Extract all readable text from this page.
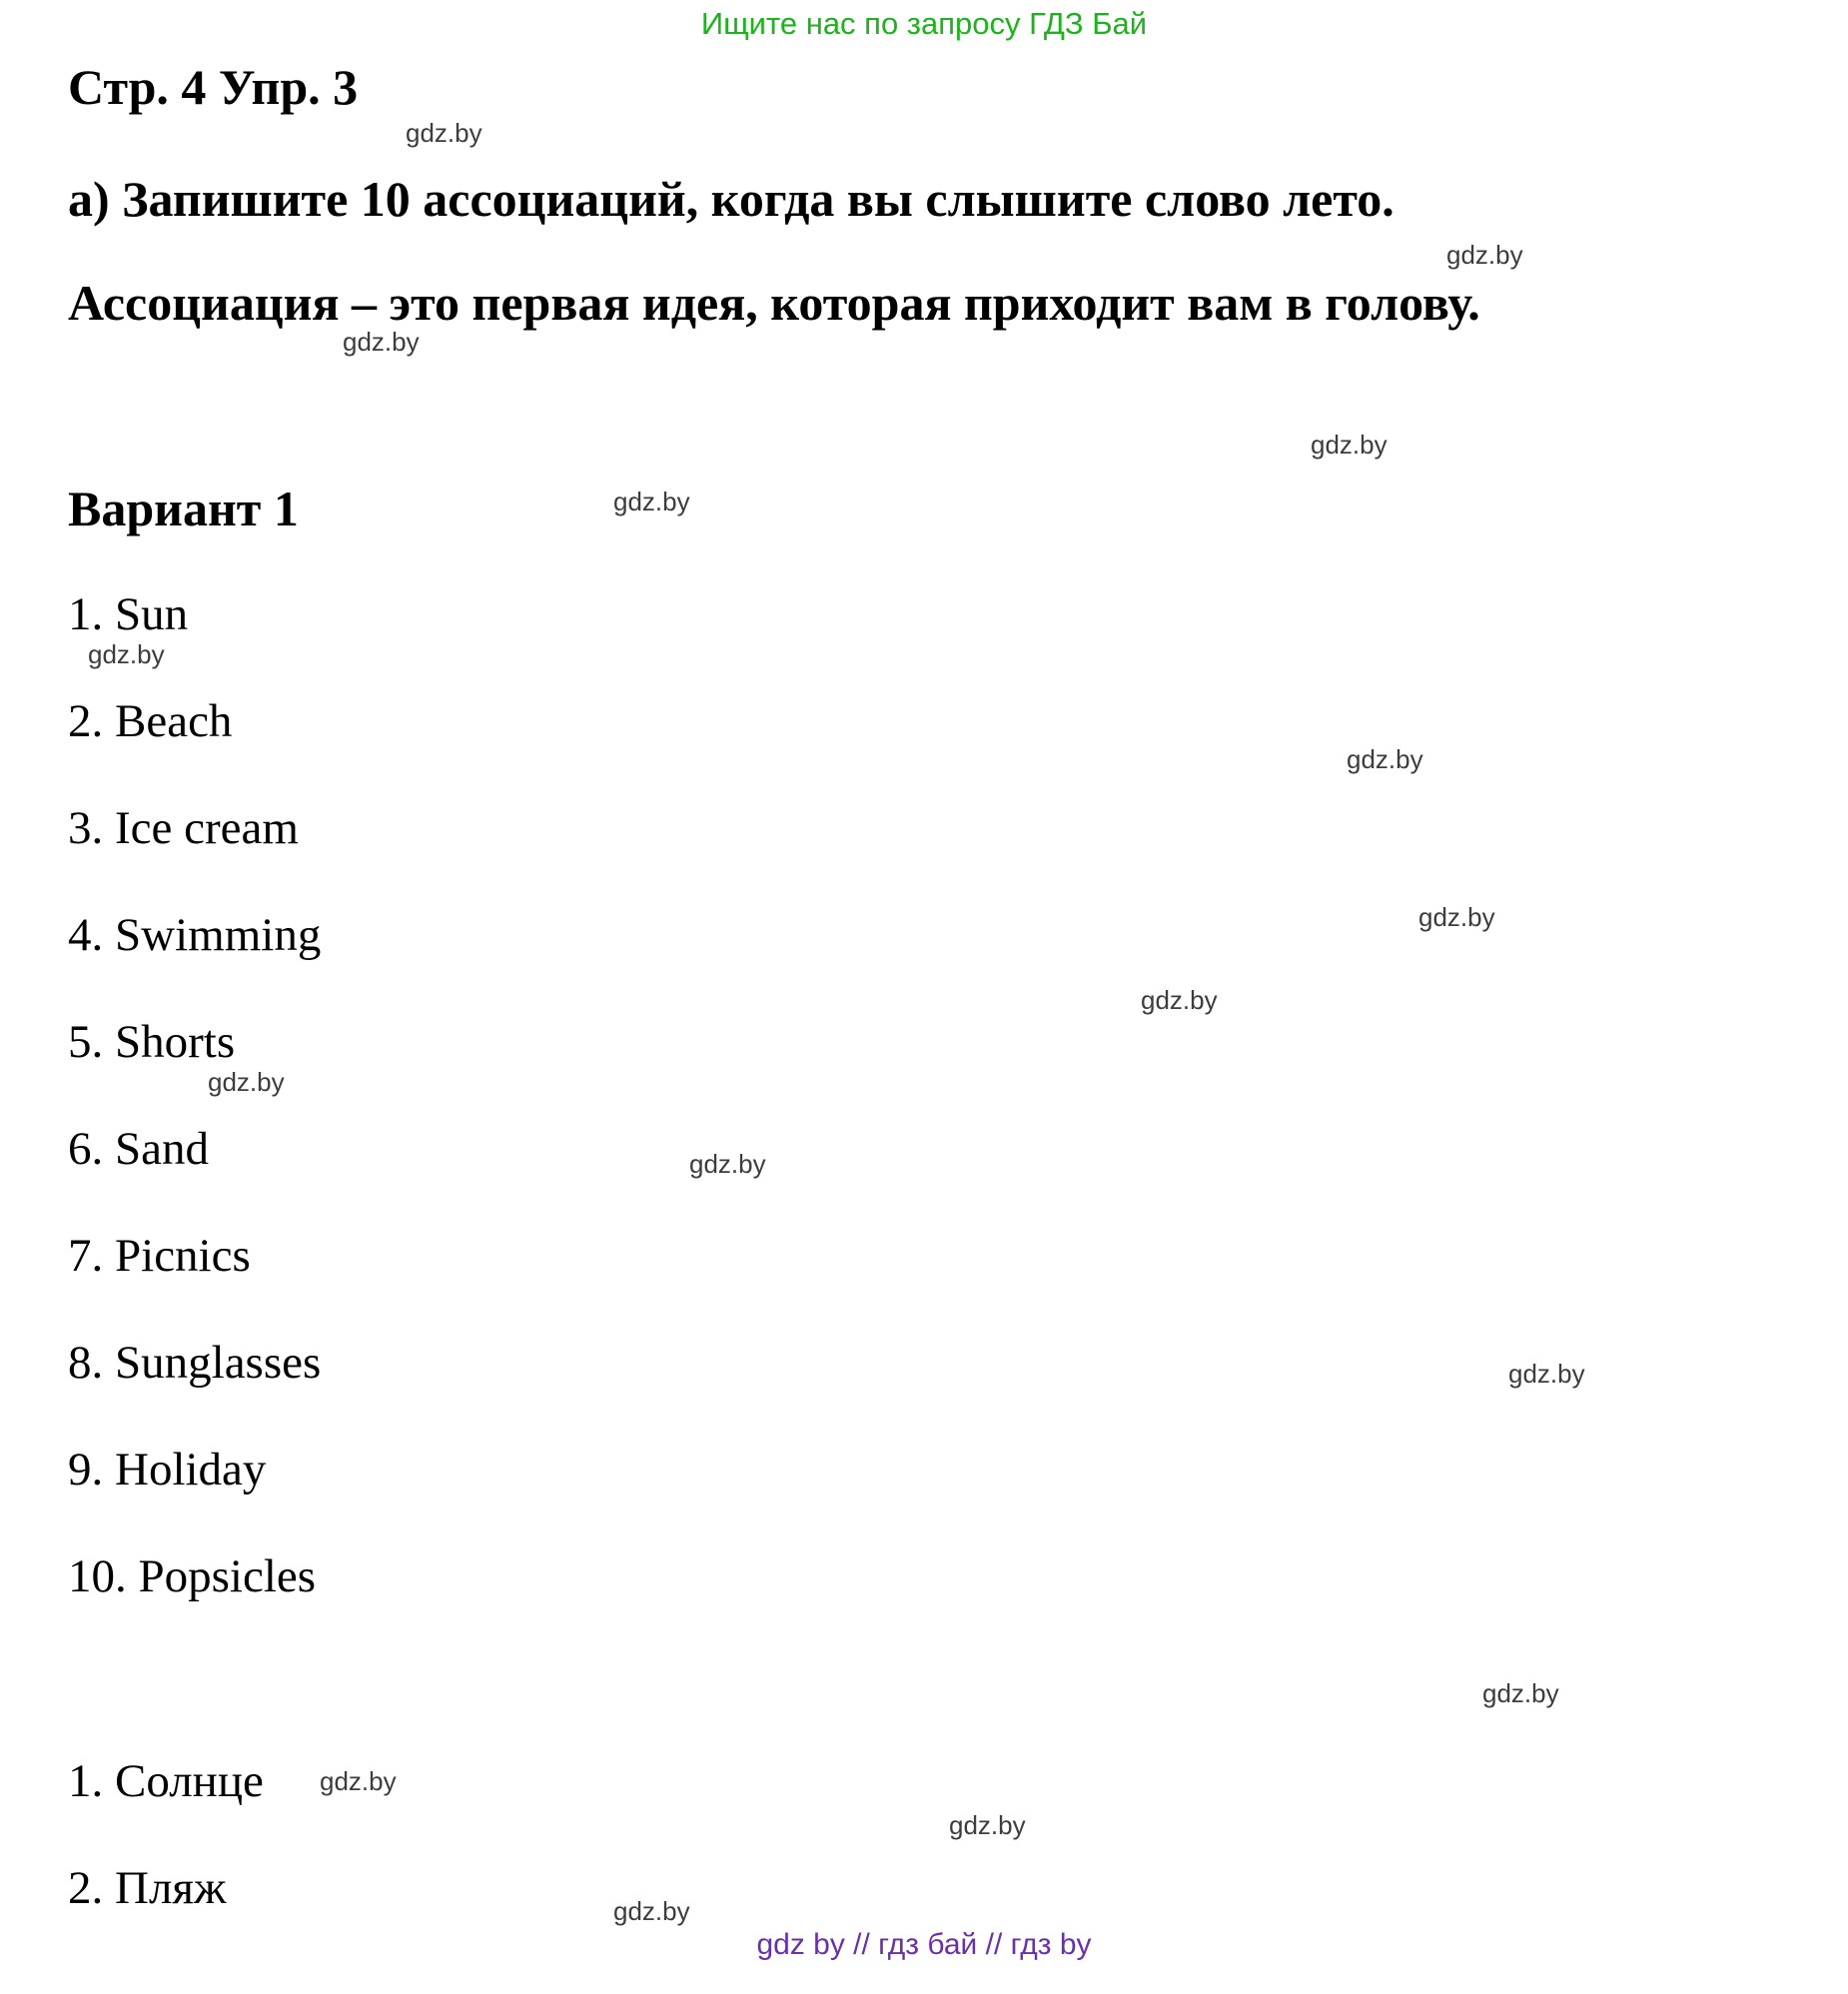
Ищите нас по запросу ГДЗ Бай
Стр. 4 Упр. 3
а) Запишите 10 ассоциаций, когда вы слышите слово лето.
Ассоциация – это первая идея, которая приходит вам в голову.
Вариант 1
1. Sun
2. Beach
3. Ice cream
4. Swimming
5. Shorts
6. Sand
7. Picnics
8. Sunglasses
9. Holiday
10. Popsicles
1. Солнце
2. Пляж
gdz.by
gdz.by
gdz.by
gdz.by
gdz.by
gdz.by
gdz.by
gdz.by
gdz.by
gdz.by
gdz.by
gdz.by
gdz.by
gdz.by
gdz.by
gdz.by
gdz by // гдз бай // гдз by
